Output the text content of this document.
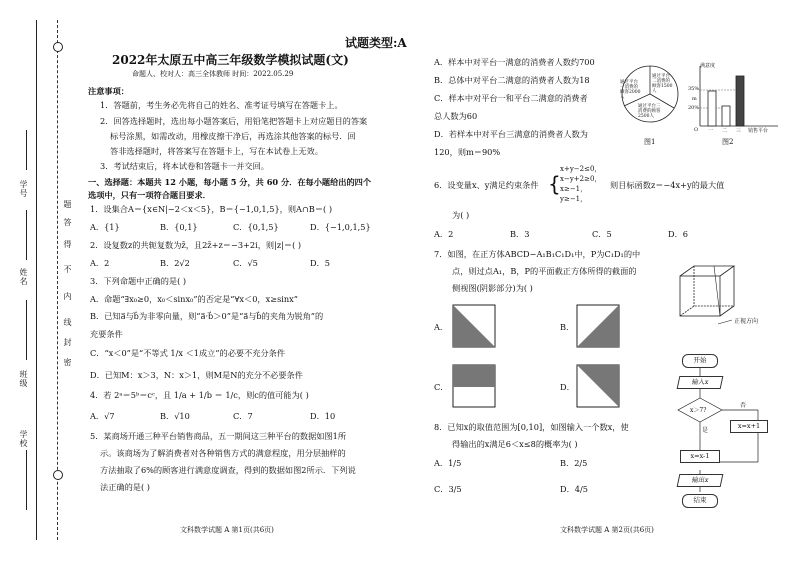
学号
姓名
班级
学校
题
答
得
不
内
线
封
密
试题类型:A
2022年太原五中高三年级数学模拟试题(文)
命题人、校对人：高三全体教师 时间：2022.05.29
注意事项：
1．答题前，考生务必先将自己的姓名、准考证号填写在答题卡上。
2．回答选择题时，选出每小题答案后，用铅笔把答题卡上对应题目的答案
标号涂黑，如需改动，用橡皮擦干净后，再选涂其他答案的标号．回
答非选择题时，将答案写在答题卡上，写在本试卷上无效。
3．考试结束后，将本试卷和答题卡一并交回。
一、选择题：本题共 12 小题，每小题 5 分，共 60 分．在每小题给出的四个
选项中，只有一项符合题目要求．
1．设集合A＝{x∈N|−2＜x＜5}，B＝{−1,0,1,5}，则A∩B＝( )
A．{1}	B．{0,1}	C．{0,1,5}	D．{−1,0,1,5}
2．设复数z的共轭复数为z̄，且2z̄+z＝−3+2i，则|z|＝( )
A．2	B．2√2	C．√5	D．5
3．下列命题中正确的是( )
A．命题“∃x₀≥0，x₀＜sinx₀”的否定是“∀x＜0，x≥sinx”
B．已知a⃗与b⃗为非零向量，则“a⃗·b⃗＞0”是“a⃗与b⃗的夹角为锐角”的
充要条件
C．“x＜0”是“不等式 1/x ＜1成立”的必要不充分条件
D．已知M：x＞3，N：x＞1，则M是N的充分不必要条件
4．若 2ᵃ＝5ᵇ＝cᶜ，且 1/a + 1/b ＝ 1/c，则c的值可能为( )
A．√7	B．√10	C．7	D．10
5．某商场开通三种平台销售商品，五一期间这三种平台的数据如图1所
示。该商场为了解消费者对各种销售方式的满意程度，用分层抽样的
方法抽取了6%的顾客进行满意度调查，得到的数据如图2所示．下列说
法正确的是( )
文科数学试题 A 第1页(共6页)
A．样本中对平台一满意的消费者人数约700
B．总体中对平台二满意的消费者人数为18
C．样本中对平台一和平台二满意的消费者
总人数为60
D．若样本中对平台三满意的消费者人数为
120，则m＝90%
通过平台一消费的顾客2000人
通过平台二消费的顾客1500人
通过平台三消费的顾客2500人
图1
满意度
35%
m
20%
O 一 二 三 销售平台
图2
6．设变量x、y满足约束条件 {
x+y−2≤0，
x−y+2≥0，
x≥−1，
y≥−1，
则目标函数z＝−4x+y的最大值
为( )
A．2	B．3	C．5	D．6
7．如图，在正方体ABCD−A₁B₁C₁D₁中，P为C₁D₁的中
点，则过点A₁，B，P的平面截正方体所得的截面的
侧视图(阴影部分)为( )
正视方向
A．	B．
C．	D．
8．已知x的取值范围为[0,10]，如图输入一个数x，使
得输出的x满足6＜x≤8的概率为( )
A．1/5	B．2/5
C．3/5	D．4/5
开始
输入x
x＞7?
否
是
x=x+1
x=x-1
输出x
结束
文科数学试题 A 第2页(共6页)
